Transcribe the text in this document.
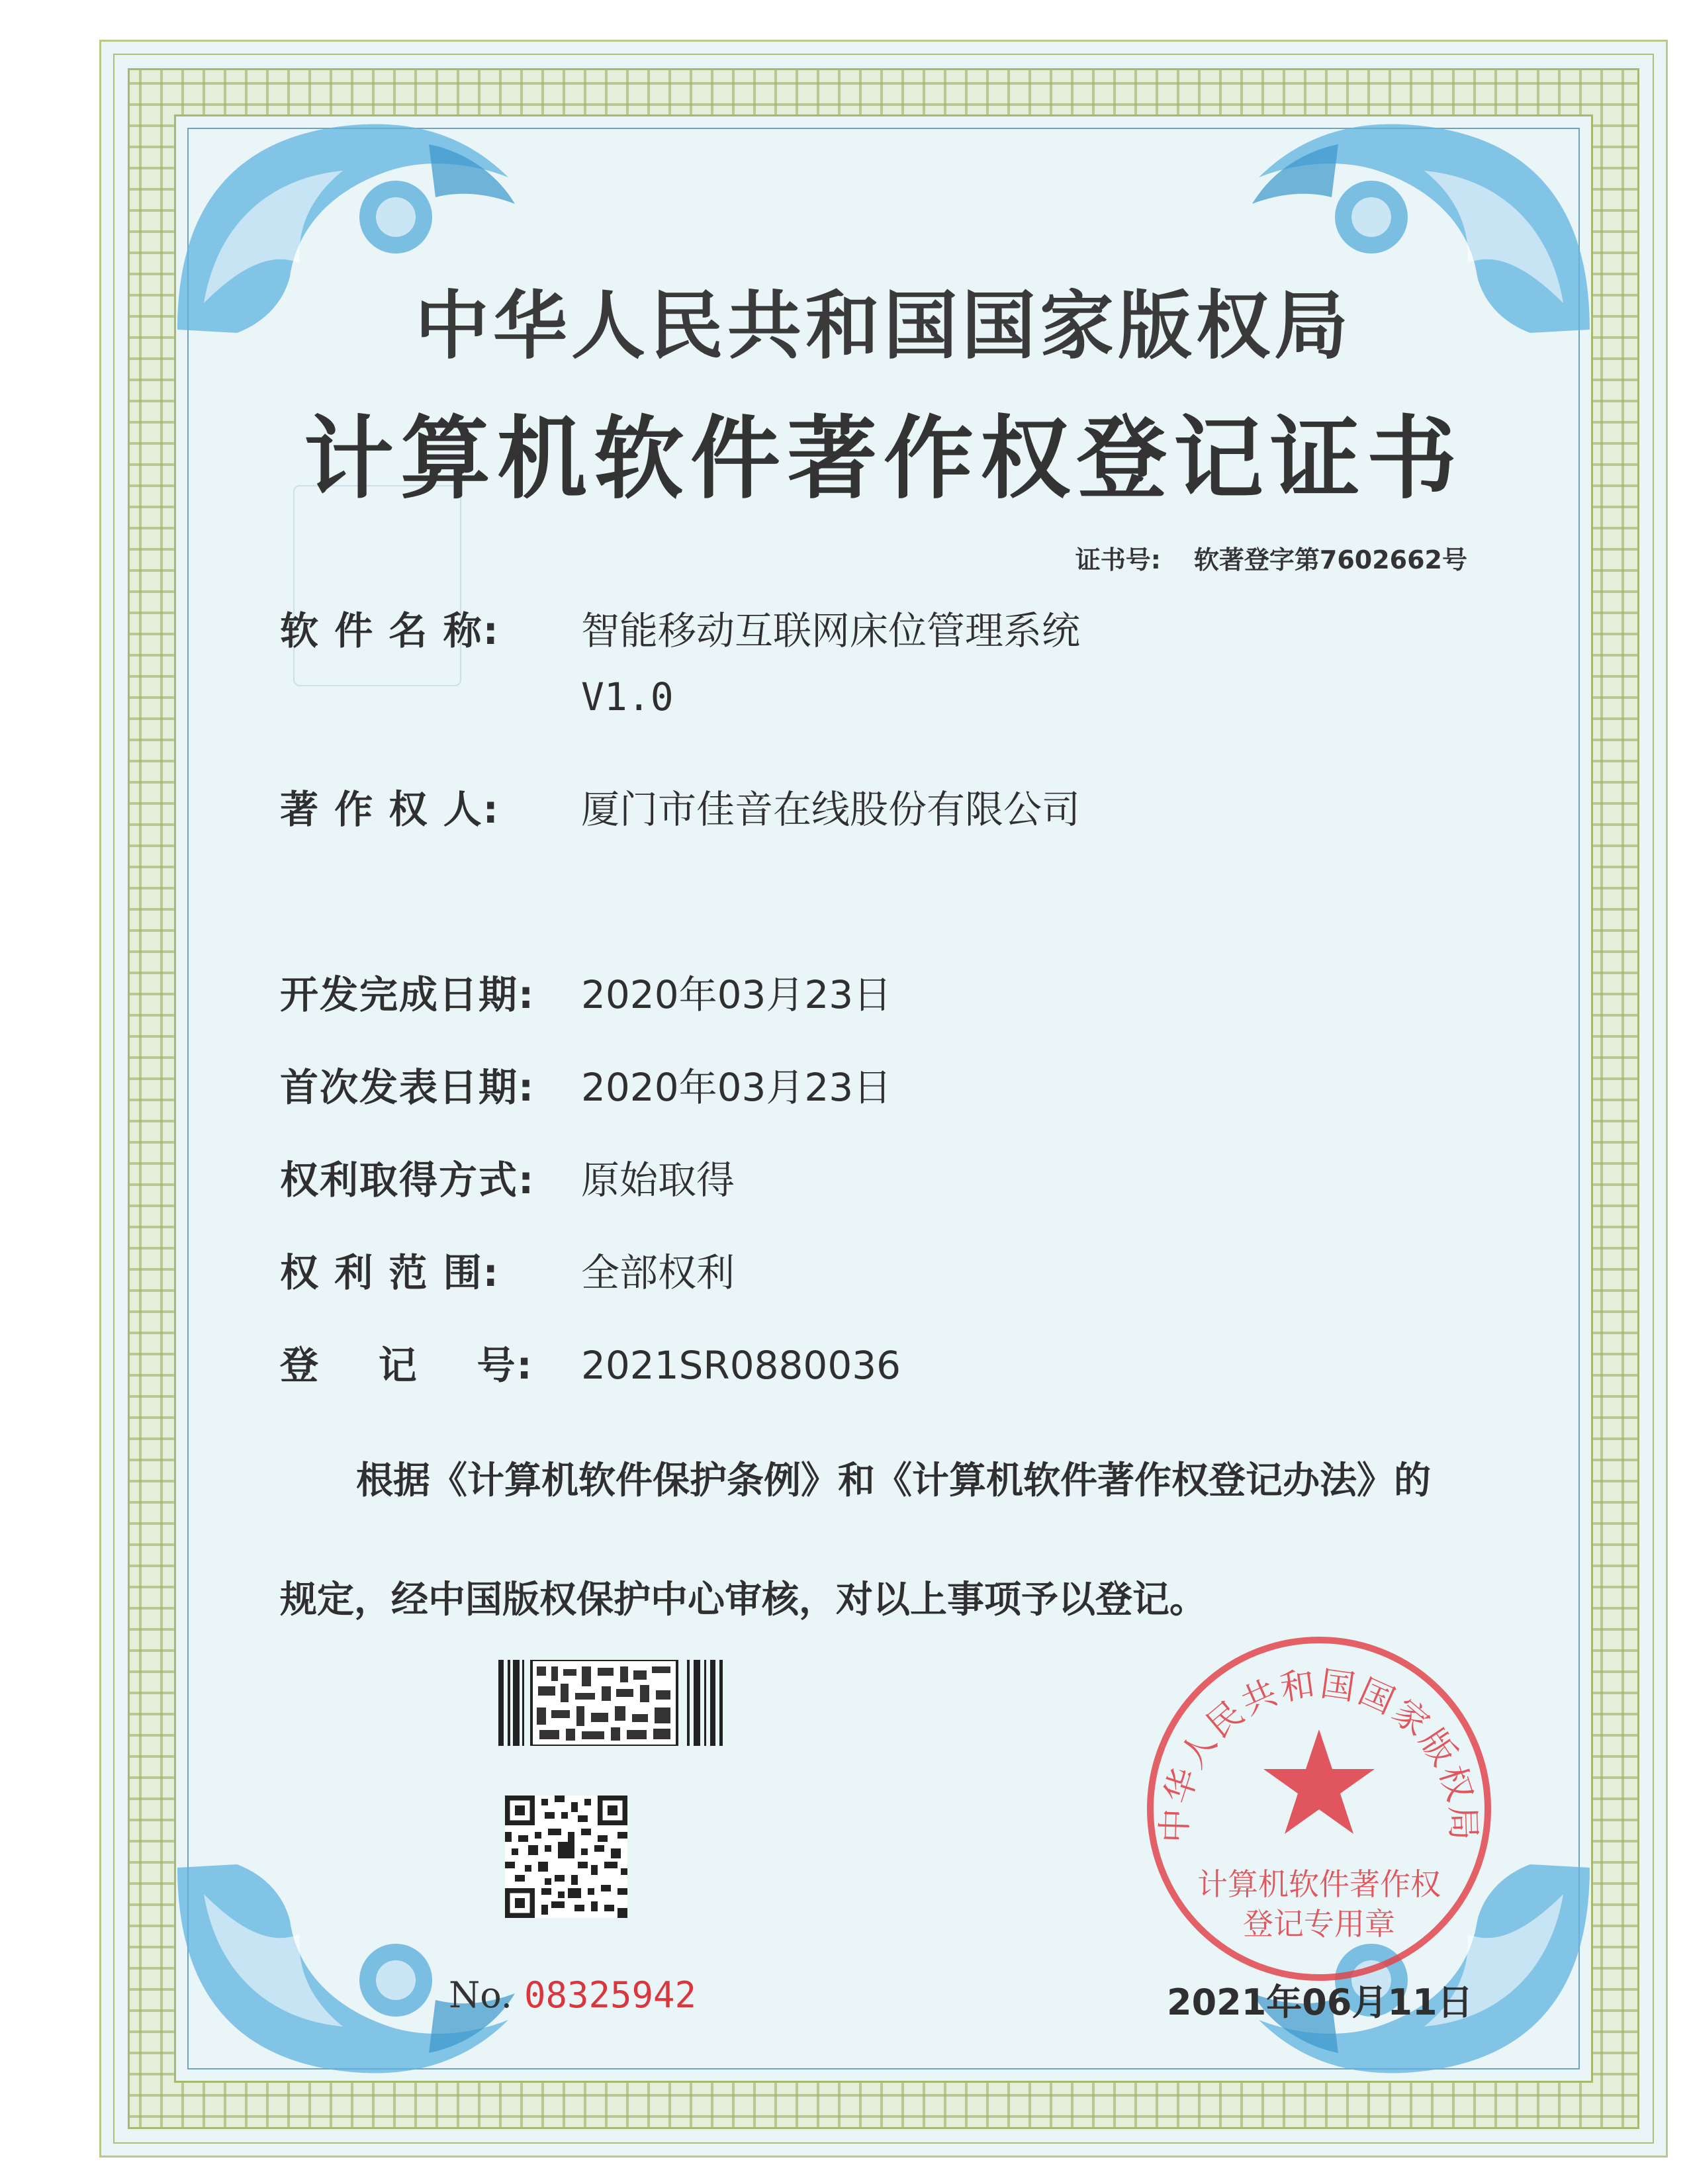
中华人民共和国国家版权局
计算机软件著作权登记证书
证书号: 软著登字第7602662号
软 件 名 称: 智能移动互联网床位管理系统
V1.0
著 作 权 人: 厦门市佳音在线股份有限公司
开发完成日期: 2020年03月23日
首次发表日期: 2020年03月23日
权利取得方式: 原始取得
权 利 范 围: 全部权利
登    记    号: 2021SR0880036
根据《计算机软件保护条例》和《计算机软件著作权登记办法》的
规定，经中国版权保护中心审核，对以上事项予以登记。
No. 08325942	2021年06月11日
中华人民共和国国家版权局
计算机软件著作权
登记专用章
